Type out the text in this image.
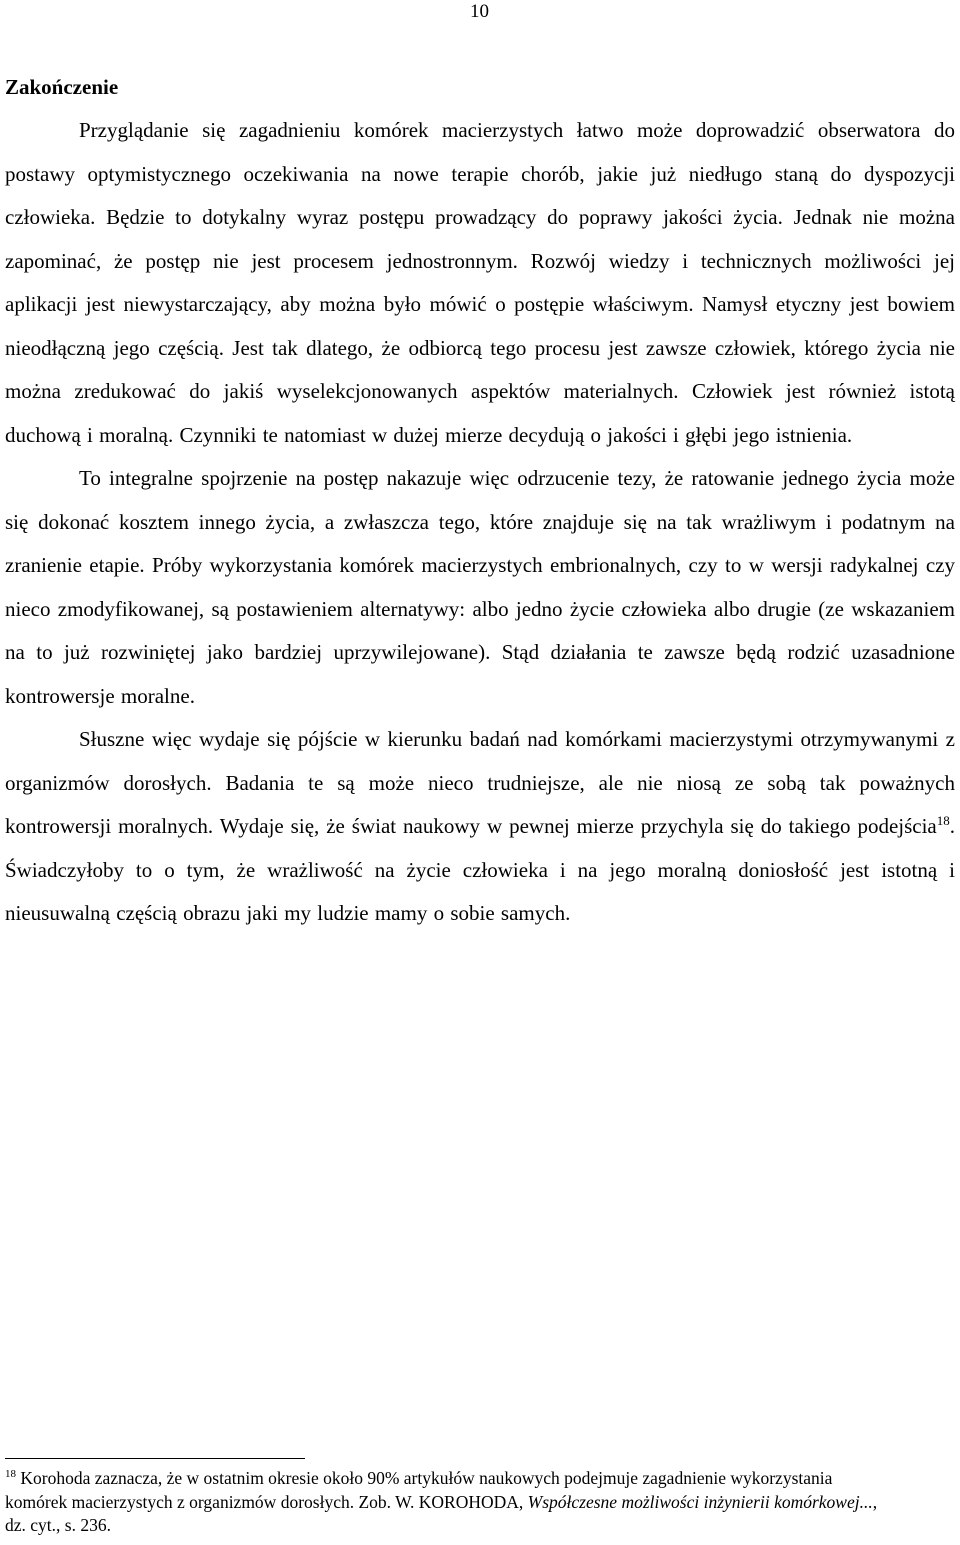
10
Zakończenie

Przyglądanie się zagadnieniu komórek macierzystych łatwo może doprowadzić obserwatora do postawy optymistycznego oczekiwania na nowe terapie chorób, jakie już niedługo staną do dyspozycji człowieka. Będzie to dotykalny wyraz postępu prowadzący do poprawy jakości życia. Jednak nie można zapominać, że postęp nie jest procesem jednostronnym. Rozwój wiedzy i technicznych możliwości jej aplikacji jest niewystarczający, aby można było mówić o postępie właściwym. Namysł etyczny jest bowiem nieodłączną jego częścią. Jest tak dlatego, że odbiorcą tego procesu jest zawsze człowiek, którego życia nie można zredukować do jakiś wyselekcjonowanych aspektów materialnych. Człowiek jest również istotą duchową i moralną. Czynniki te natomiast w dużej mierze decydują o jakości i głębi jego istnienia.

To integralne spojrzenie na postęp nakazuje więc odrzucenie tezy, że ratowanie jednego życia może się dokonać kosztem innego życia, a zwłaszcza tego, które znajduje się na tak wrażliwym i podatnym na zranienie etapie. Próby wykorzystania komórek macierzystych embrionalnych, czy to w wersji radykalnej czy nieco zmodyfikowanej, są postawieniem alternatywy: albo jedno życie człowieka albo drugie (ze wskazaniem na to już rozwiniętej jako bardziej uprzywilejowane). Stąd działania te zawsze będą rodzić uzasadnione kontrowersje moralne.

Słuszne więc wydaje się pójście w kierunku badań nad komórkami macierzystymi otrzymywanymi z organizmów dorosłych. Badania te są może nieco trudniejsze, ale nie niosą ze sobą tak poważnych kontrowersji moralnych. Wydaje się, że świat naukowy w pewnej mierze przychyla się do takiego podejścia$^{18}$. Świadczyłoby to o tym, że wrażliwość na życie człowieka i na jego moralną doniosłość jest istotną i nieusuwalną częścią obrazu jaki my ludzie mamy o sobie samych.

$^{18}$ Korohoda zaznacza, że w ostatnim okresie około 90% artykułów naukowych podejmuje zagadnienie wykorzystania komórek macierzystych z organizmów dorosłych. Zob. W. KOROHODA, Współczesne możliwości inżynierii komórkowej..., dz. cyt., s. 236.
